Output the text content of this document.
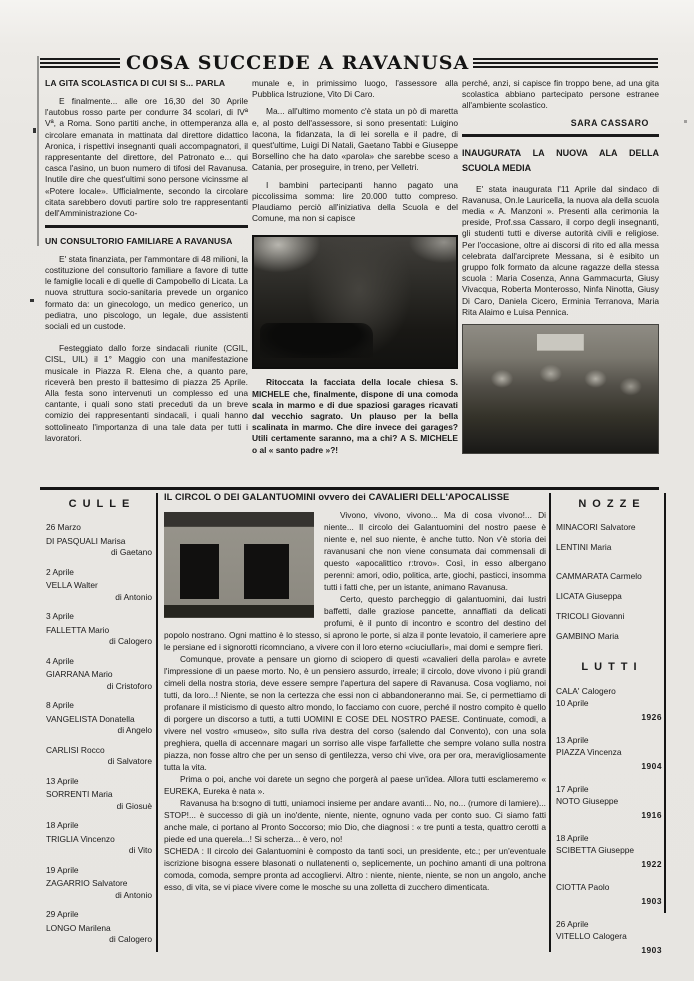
COSA SUCCEDE A RAVANUSA
LA GITA SCOLASTICA DI CUI SI S... PARLA
E finalmente... alle ore 16,30 del 30 Aprile l'autobus rosso parte per condurre 34 scolari, di IVª Vª, a Roma. Sono partiti anche, in ottemperanza alla circolare emanata in mattinata dal direttore didattico Aronica, i rispettivi insegnanti quali accompagnatori, il rappresentante del direttore, del Patronato e... qui casca l'asino, un buon numero di tifosi del Ravanusa. Inutile dire che quest'ultimi sono persone vicinssme al «Potere locale». Ufficialmente, secondo la circolare citata sarebbero dovuti partire solo tre rappresentanti dell'Amministrazione Co-
UN CONSULTORIO FAMILIARE A RAVANUSA
E' stata finanziata, per l'ammontare di 48 milioni, la costituzione del consultorio familiare a favore di tutte le famiglie locali e di quelle di Campobello di Licata. La nuova struttura socio-sanitaria prevede un organico formato da: un ginecologo, un medico generico, un pediatra, uno piscologo, un legale, due assistenti sociali ed un custode.
Festeggiato dallo forze sindacali riunite (CGIL, CISL, UIL) il 1° Maggio con una manifestazione musicale in Piazza R. Elena che, a quanto pare, riceverà ben presto il battesimo di piazza 25 Aprile. Alla festa sono intervenuti un complesso ed una cantante, i quali sono stati preceduti da un breve comizio dei rappresentanti sindacali, i quali hanno sottolineato l'importanza di una tale data per tutti i lavoratori.
munale e, in primissimo luogo, l'assessore alla Pubblica Istruzione, Vito Di Caro.
Ma... all'ultimo momento c'è stata un pò di maretta e, al posto dell'assessore, si sono presentati: Luigino Iacona, la fidanzata, la di lei sorella e il padre, di quest'ultime, Luigi Di Natali, Gaetano Tabbi e Giuseppe Borsellino che ha dato «parola» che sarebbe sceso a Catania, per proseguire, in treno, per Velletri.
I bambini partecipanti hanno pagato una piccolissima somma: lire 20.000 tutto compreso. Plaudiamo perciò all'iniziativa della Scuola e del Comune, ma non si capisce
Ritoccata la facciata della locale chiesa S. MICHELE che, finalmente, dispone di una comoda scala in marmo e di due spaziosi garages ricavati dal vecchio sagrato. Un plauso per la bella scalinata in marmo. Che dire invece dei garages? Utili certamente saranno, ma a chi? A S. MICHELE o al « santo padre »?!
perché, anzi, si capisce fin troppo bene, ad una gita scolastica abbiano partecipato persone estranee all'ambiente scolastico.
SARA CASSARO
INAUGURATA LA NUOVA ALA DELLA SCUOLA MEDIA
E' stata inaugurata l'11 Aprile dal sindaco di Ravanusa, On.le Lauricella, la nuova ala della scuola media « A. Manzoni ». Presenti alla cerimonia la preside, Prof.ssa Cassaro, il corpo degli insegnanti, gli studenti tutti e diverse autorità civili e religiose. Per l'occasione, oltre ai discorsi di rito ed alla messa celebrata dall'arciprete Messana, si è esibito un gruppo folk formato da alcune ragazze della stessa scuola : Maria Cosenza, Anna Gammacurta, Giusy Vivacqua, Roberta Monterosso, Ninfa Ninotta, Giusy Di Caro, Daniela Cicero, Erminia Terranova, Maria Rita Alaimo e Luisa Pennica.
CULLE
26 Marzo
DI PASQUALI Marisa
di Gaetano
2 Aprile
VELLA Walter
di Antonio
3 Aprile
FALLETTA Mario
di Calogero
4 Aprile
GIARRANA Mario
di Cristoforo
8 Aprile
VANGELISTA Donatella
di Angelo
CARLISI Rocco
di Salvatore
13 Aprile
SORRENTI Maria
di Giosuè
18 Aprile
TRIGLIA Vincenzo
di Vito
19 Aprile
ZAGARRIO Salvatore
di Antonio
29 Aprile
LONGO Marilena
di Calogero
IL CIRCOL O DEI GALANTUOMINI ovvero dei CAVALIERI DELL'APOCALISSE

Vivono, vivono, vivono... Ma di cosa vivono!... Di niente... Il circolo dei Galantuomini del nostro paese è niente e, nel suo niente, è anche tutto. Non v'è storia dei ravanusani che non viene consumata dai commensali di questo «apocalittico r:trovo». Così, in esso albergano perenni: amori, odio, politica, arte, giochi, pasticci, insomma tutti i fatti che, per un istante, animano Ravanusa.

Certo, questo parcheggio di galantuomini, dai lustri baffetti, dalle graziose pancette, annaffiati da delicati profumi, è il punto di incontro e scontro del destino del popolo nostrano. Ogni mattino è lo stesso, si aprono le porte, si alza il ponte levatoio, il cameriere apre le persiane ed i signorotti ricomnciano, a vivere con il loro eterno «ciuciullari», mai domi e sempre fieri.

Comunque, provate a pensare un giorno di sciopero di questi «cavalieri della parola» e avrete l'impressione di un paese morto. No, è un pensiero assurdo, irreale; il circolo, dove vivono i più grandi cimeli della nostra storia, deve essere sempre l'apertura del sapere di Ravanusa. Cosa vogliamo, noi tutti, da loro...! Niente, se non la certezza che essi non ci abbandoneranno mai. Se, ci permettiamo di profanare il misticismo di questo altro mondo, lo facciamo con cuore, perché il nostro compito è quello di porgere un discorso a tutti, a tutti UOMINI E COSE DEL NOSTRO PAESE. Continuate, comodi, a vivere nel vostro «museo», sito sulla riva destra del corso (salendo dal Convento), con una sola preghiera, quella di accennare magari un sorriso alle vispe farfallette che sempre volano sulla nostra piazza, non fosse altro che per un senso di gentilezza, verso chi vive, ora per ora, meravigliosamente tutta la vita.

Prima o poi, anche voi darete un segno che porgerà al paese un'idea. Allora tutti esclameremo « EUREKA, Eureka è nata ».

Ravanusa ha b:sogno di tutti, uniamoci insieme per andare avanti... No, no... (rumore di lamiere)... STOP!... è successo di già un ino'dente, niente, niente, ognuno vada per conto suo. Ci siamo fatti anche male, ci portano al Pronto Soccorso; mio Dio, che diagnosi : « tre punti a testa, quattro cerotti a piede ed una querela...! Si scherza... è vero, no!

SCHEDA : Il circolo dei Galantuomini è composto da tanti soci, un presidente, etc.; per un'eventuale iscrizione bisogna essere blasonati o nullatenenti o, seplicemente, un pochino amanti di una poltrona comoda, comoda, sempre pronta ad accogliervi. Altro : niente, niente, niente, se non un angolo, anche esso, di vita, se vi piace vivere come le mosche su una zolletta di zucchero dimenticata.

NOZZE
MINACORI Salvatore
LENTINI Maria
CAMMARATA Carmelo
LICATA Giuseppa
TRICOLI Giovanni
GAMBINO Maria
LUTTI
CALA' Calogero
10 Aprile
1926
13 Aprile
PIAZZA Vincenza
1904
17 Aprile
NOTO Giuseppe
1916
18 Aprile
SCIBETTA Giuseppe
1922
CIOTTA Paolo
1903
26 Aprile
VITELLO Calogera
1903
